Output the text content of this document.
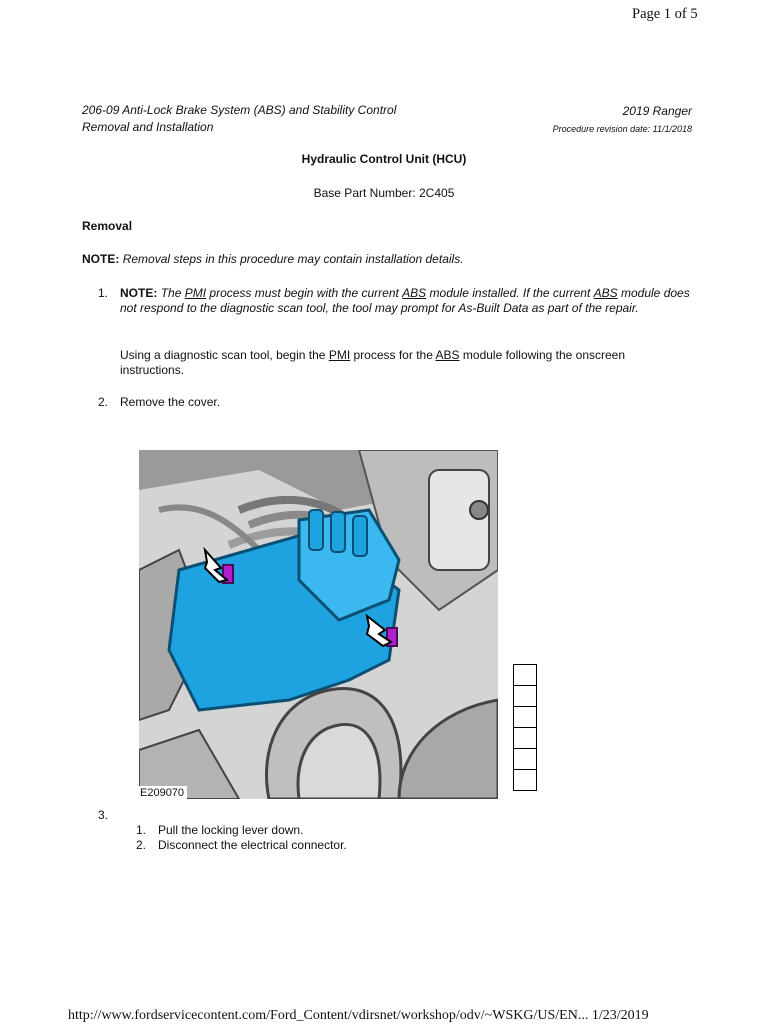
Page 1 of 5
206-09 Anti-Lock Brake System (ABS) and Stability Control
Removal and Installation
2019 Ranger
Procedure revision date: 11/1/2018
Hydraulic Control Unit (HCU)
Base Part Number: 2C405
Removal
NOTE: Removal steps in this procedure may contain installation details.
1. NOTE: The PMI process must begin with the current ABS module installed. If the current ABS module does not respond to the diagnostic scan tool, the tool may prompt for As-Built Data as part of the repair.
Using a diagnostic scan tool, begin the PMI process for the ABS module following the onscreen instructions.
2. Remove the cover.
E209070
3.
1. Pull the locking lever down.
2. Disconnect the electrical connector.
http://www.fordservicecontent.com/Ford_Content/vdirsnet/workshop/odv/~WSKG/US/EN... 1/23/2019
